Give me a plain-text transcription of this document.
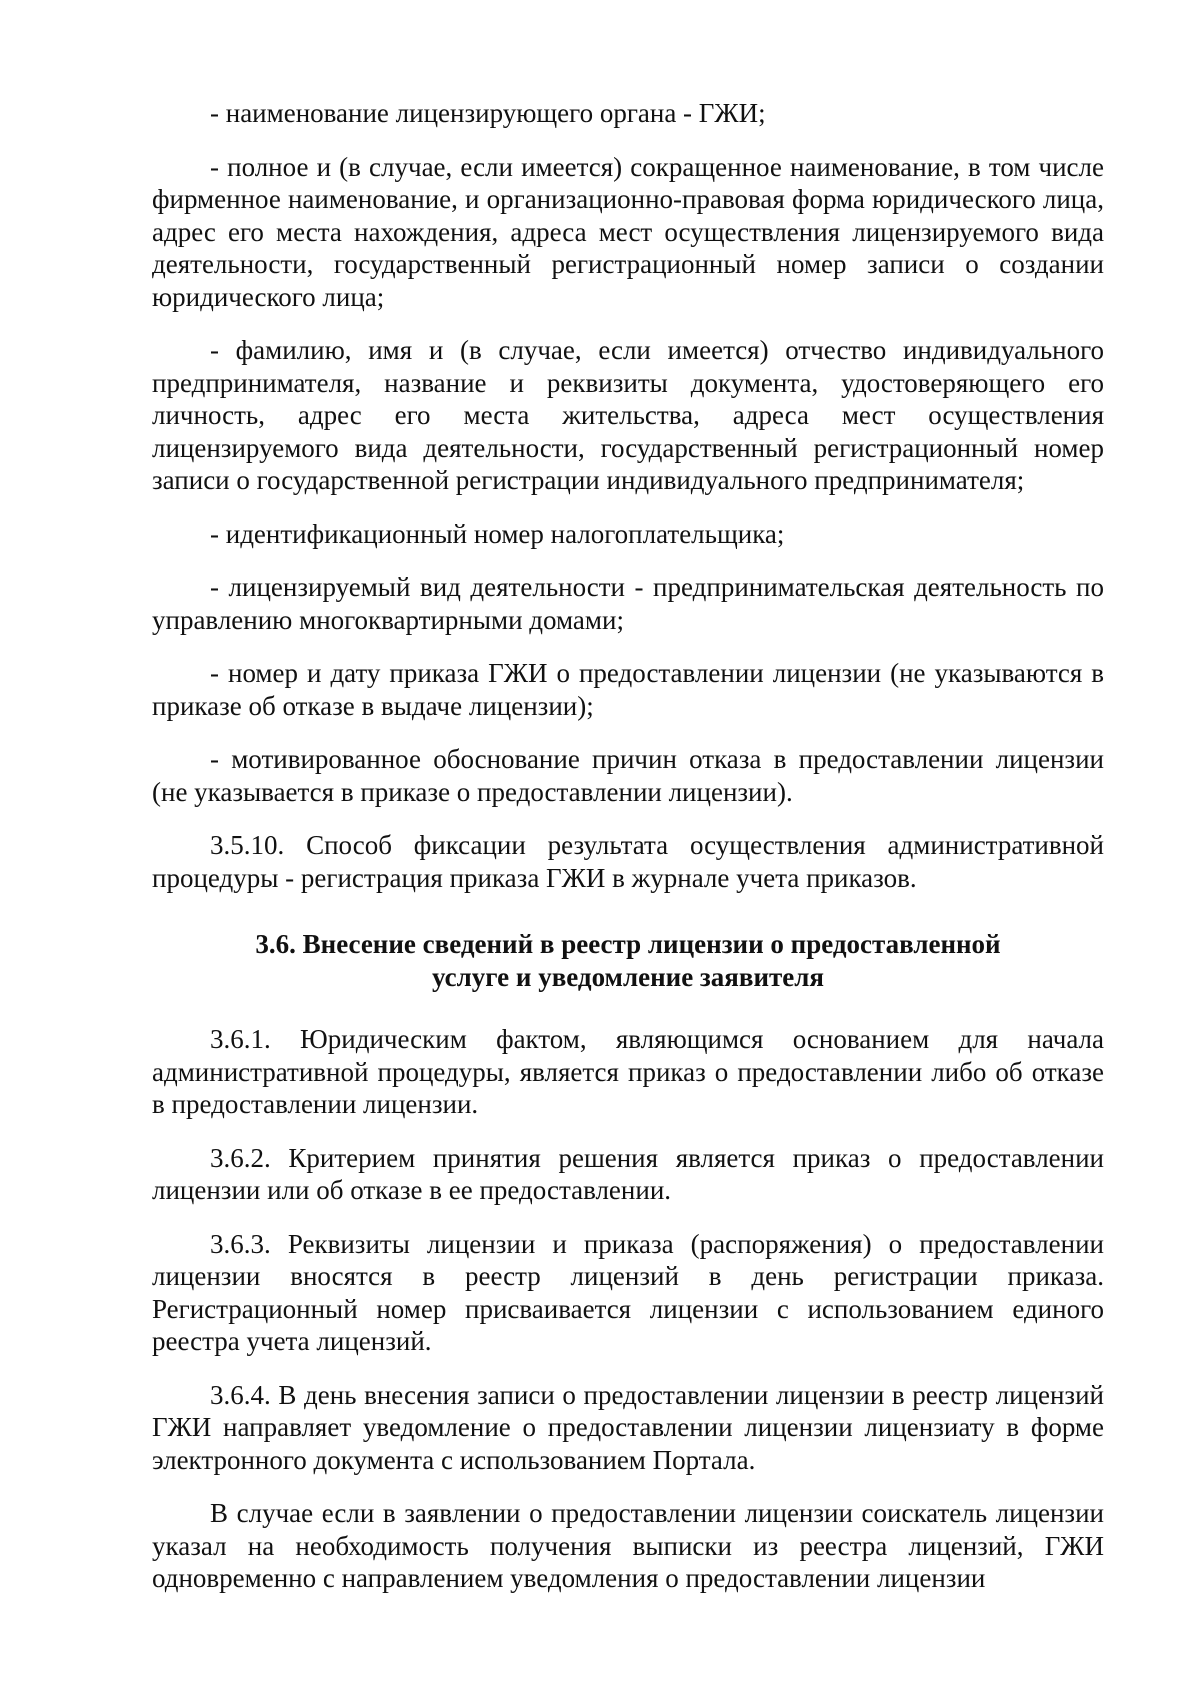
- наименование лицензирующего органа - ГЖИ;

- полное и (в случае, если имеется) сокращенное наименование, в том числе фирменное наименование, и организационно-правовая форма юридического лица, адрес его места нахождения, адреса мест осуществления лицензируемого вида деятельности, государственный регистрационный номер записи о создании юридического лица;

- фамилию, имя и (в случае, если имеется) отчество индивидуального предпринимателя, название и реквизиты документа, удостоверяющего его личность, адрес его места жительства, адреса мест осуществления лицензируемого вида деятельности, государственный регистрационный номер записи о государственной регистрации индивидуального предпринимателя;

- идентификационный номер налогоплательщика;

- лицензируемый вид деятельности - предпринимательская деятельность по управлению многоквартирными домами;

- номер и дату приказа ГЖИ о предоставлении лицензии (не указываются в приказе об отказе в выдаче лицензии);

- мотивированное обоснование причин отказа в предоставлении лицензии (не указывается в приказе о предоставлении лицензии).

3.5.10. Способ фиксации результата осуществления административной процедуры - регистрация приказа ГЖИ в журнале учета приказов.

3.6. Внесение сведений в реестр лицензии о предоставленной
услуге и уведомление заявителя

3.6.1. Юридическим фактом, являющимся основанием для начала административной процедуры, является приказ о предоставлении либо об отказе в предоставлении лицензии.

3.6.2. Критерием принятия решения является приказ о предоставлении лицензии или об отказе в ее предоставлении.

3.6.3. Реквизиты лицензии и приказа (распоряжения) о предоставлении лицензии вносятся в реестр лицензий в день регистрации приказа. Регистрационный номер присваивается лицензии с использованием единого реестра учета лицензий.

3.6.4. В день внесения записи о предоставлении лицензии в реестр лицензий ГЖИ направляет уведомление о предоставлении лицензии лицензиату в форме электронного документа с использованием Портала.

В случае если в заявлении о предоставлении лицензии соискатель лицензии указал на необходимость получения выписки из реестра лицензий, ГЖИ одновременно с направлением уведомления о предоставлении лицензии
